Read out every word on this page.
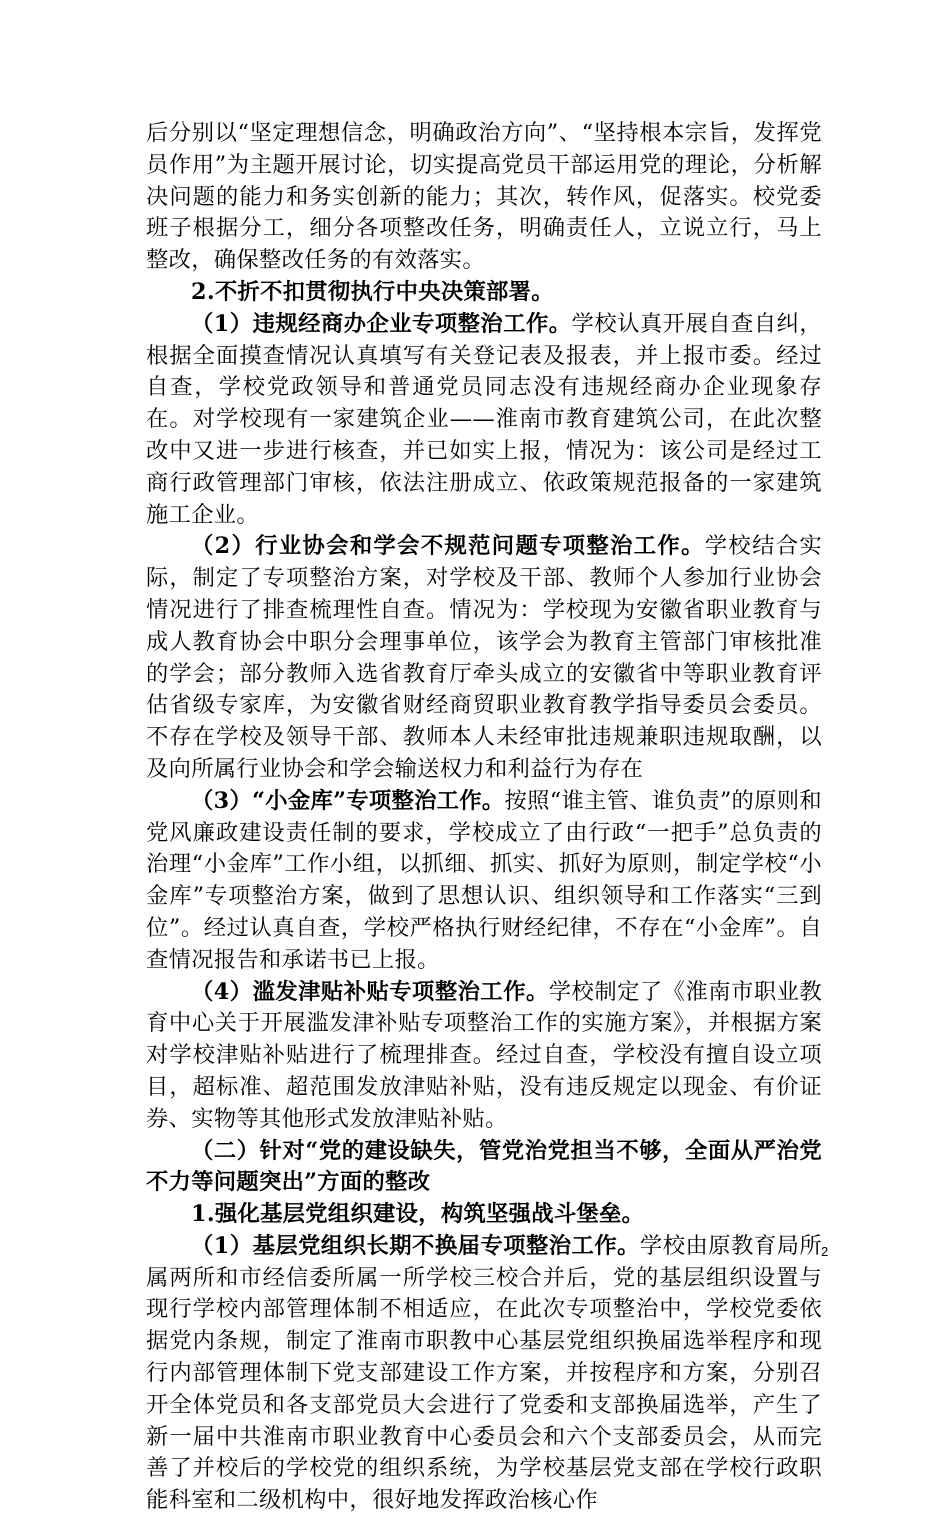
后分别以“坚定理想信念，明确政治方向”、“坚持根本宗旨，发挥党员作用”为主题开展讨论，切实提高党员干部运用党的理论，分析解决问题的能力和务实创新的能力；其次，转作风，促落实。校党委班子根据分工，细分各项整改任务，明确责任人，立说立行，马上整改，确保整改任务的有效落实。

2.不折不扣贯彻执行中央决策部署。

（1）违规经商办企业专项整治工作。学校认真开展自查自纠，根据全面摸查情况认真填写有关登记表及报表，并上报市委。经过自查，学校党政领导和普通党员同志没有违规经商办企业现象存在。对学校现有一家建筑企业——淮南市教育建筑公司，在此次整改中又进一步进行核查，并已如实上报，情况为：该公司是经过工商行政管理部门审核，依法注册成立、依政策规范报备的一家建筑施工企业。

（2）行业协会和学会不规范问题专项整治工作。学校结合实际，制定了专项整治方案，对学校及干部、教师个人参加行业协会情况进行了排查梳理性自查。情况为：学校现为安徽省职业教育与成人教育协会中职分会理事单位，该学会为教育主管部门审核批准的学会；部分教师入选省教育厅牵头成立的安徽省中等职业教育评估省级专家库，为安徽省财经商贸职业教育教学指导委员会委员。不存在学校及领导干部、教师本人未经审批违规兼职违规取酬，以及向所属行业协会和学会输送权力和利益行为存在

（3）“小金库”专项整治工作。按照“谁主管、谁负责”的原则和党风廉政建设责任制的要求，学校成立了由行政“一把手”总负责的治理“小金库”工作小组，以抓细、抓实、抓好为原则，制定学校“小金库”专项整治方案，做到了思想认识、组织领导和工作落实“三到位”。经过认真自查，学校严格执行财经纪律，不存在“小金库”。自查情况报告和承诺书已上报。

（4）滥发津贴补贴专项整治工作。学校制定了《淮南市职业教育中心关于开展滥发津补贴专项整治工作的实施方案》，并根据方案对学校津贴补贴进行了梳理排查。经过自查，学校没有擅自设立项目，超标准、超范围发放津贴补贴，没有违反规定以现金、有价证券、实物等其他形式发放津贴补贴。

（二）针对“党的建设缺失，管党治党担当不够，全面从严治党不力等问题突出”方面的整改

1.强化基层党组织建设，构筑坚强战斗堡垒。

（1）基层党组织长期不换届专项整治工作。学校由原教育局所属两所和市经信委所属一所学校三校合并后，党的基层组织设置与现行学校内部管理体制不相适应，在此次专项整治中，学校党委依据党内条规，制定了淮南市职教中心基层党组织换届选举程序和现行内部管理体制下党支部建设工作方案，并按程序和方案，分别召开全体党员和各支部党员大会进行了党委和支部换届选举，产生了新一届中共淮南市职业教育中心委员会和六个支部委员会，从而完善了并校后的学校党的组织系统，为学校基层党支部在学校行政职能科室和二级机构中，很好地发挥政治核心作

2
